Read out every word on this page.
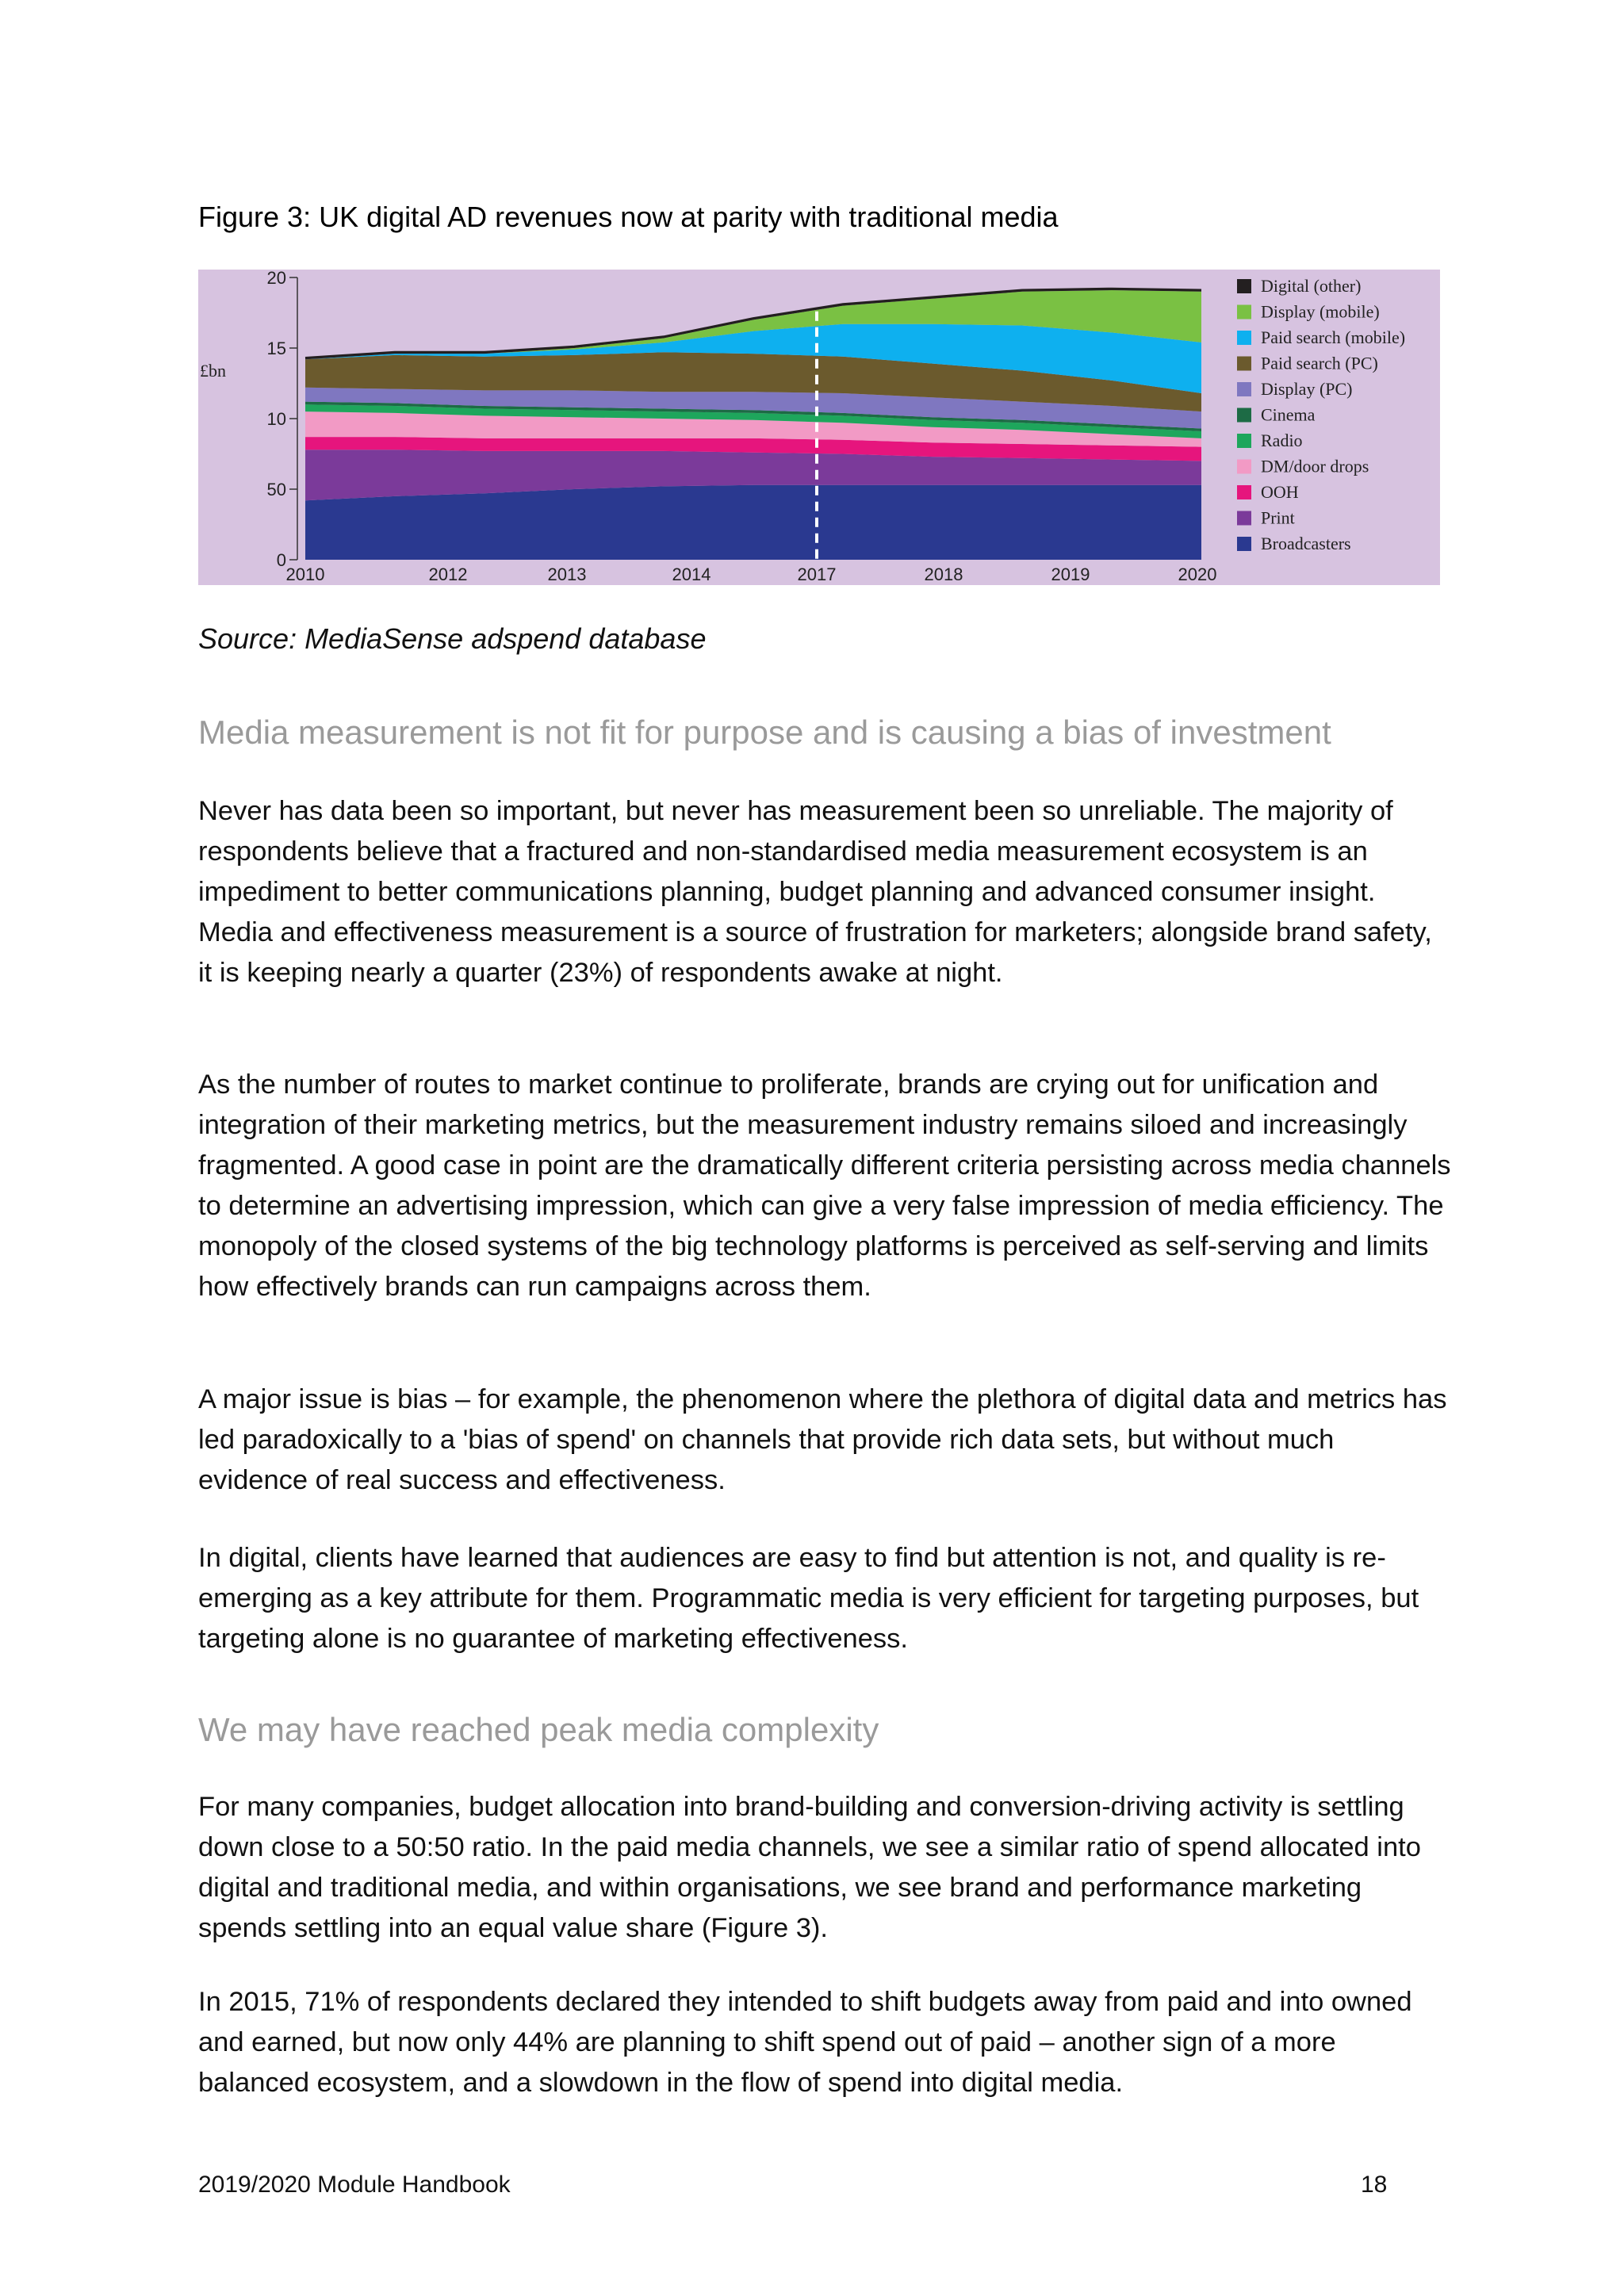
Figure 3: UK digital AD revenues now at parity with traditional media
0
50
10
15
20
£bn
2010	2012	2013	2014	2017	2018	2019	2020
Digital (other)
Display (mobile)
Paid search (mobile)
Paid search (PC)
Display (PC)
Cinema
Radio
DM/door drops
OOH
Print
Broadcasters
Source: MediaSense adspend database
Media measurement is not fit for purpose and is causing a bias of investment

Never has data been so important, but never has measurement been so unreliable. The majority of respondents believe that a fractured and non-standardised media measurement ecosystem is an impediment to better communications planning, budget planning and advanced consumer insight. Media and effectiveness measurement is a source of frustration for marketers; alongside brand safety, it is keeping nearly a quarter (23%) of respondents awake at night.

As the number of routes to market continue to proliferate, brands are crying out for unification and integration of their marketing metrics, but the measurement industry remains siloed and increasingly fragmented. A good case in point are the dramatically different criteria persisting across media channels to determine an advertising impression, which can give a very false impression of media efficiency. The monopoly of the closed systems of the big technology platforms is perceived as self-serving and limits how effectively brands can run campaigns across them.

A major issue is bias – for example, the phenomenon where the plethora of digital data and metrics has led paradoxically to a 'bias of spend' on channels that provide rich data sets, but without much evidence of real success and effectiveness.

In digital, clients have learned that audiences are easy to find but attention is not, and quality is re-emerging as a key attribute for them. Programmatic media is very efficient for targeting purposes, but targeting alone is no guarantee of marketing effectiveness.

We may have reached peak media complexity

For many companies, budget allocation into brand-building and conversion-driving activity is settling down close to a 50:50 ratio. In the paid media channels, we see a similar ratio of spend allocated into digital and traditional media, and within organisations, we see brand and performance marketing spends settling into an equal value share (Figure 3).

In 2015, 71% of respondents declared they intended to shift budgets away from paid and into owned and earned, but now only 44% are planning to shift spend out of paid – another sign of a more balanced ecosystem, and a slowdown in the flow of spend into digital media.

2019/2020 Module Handbook	18
